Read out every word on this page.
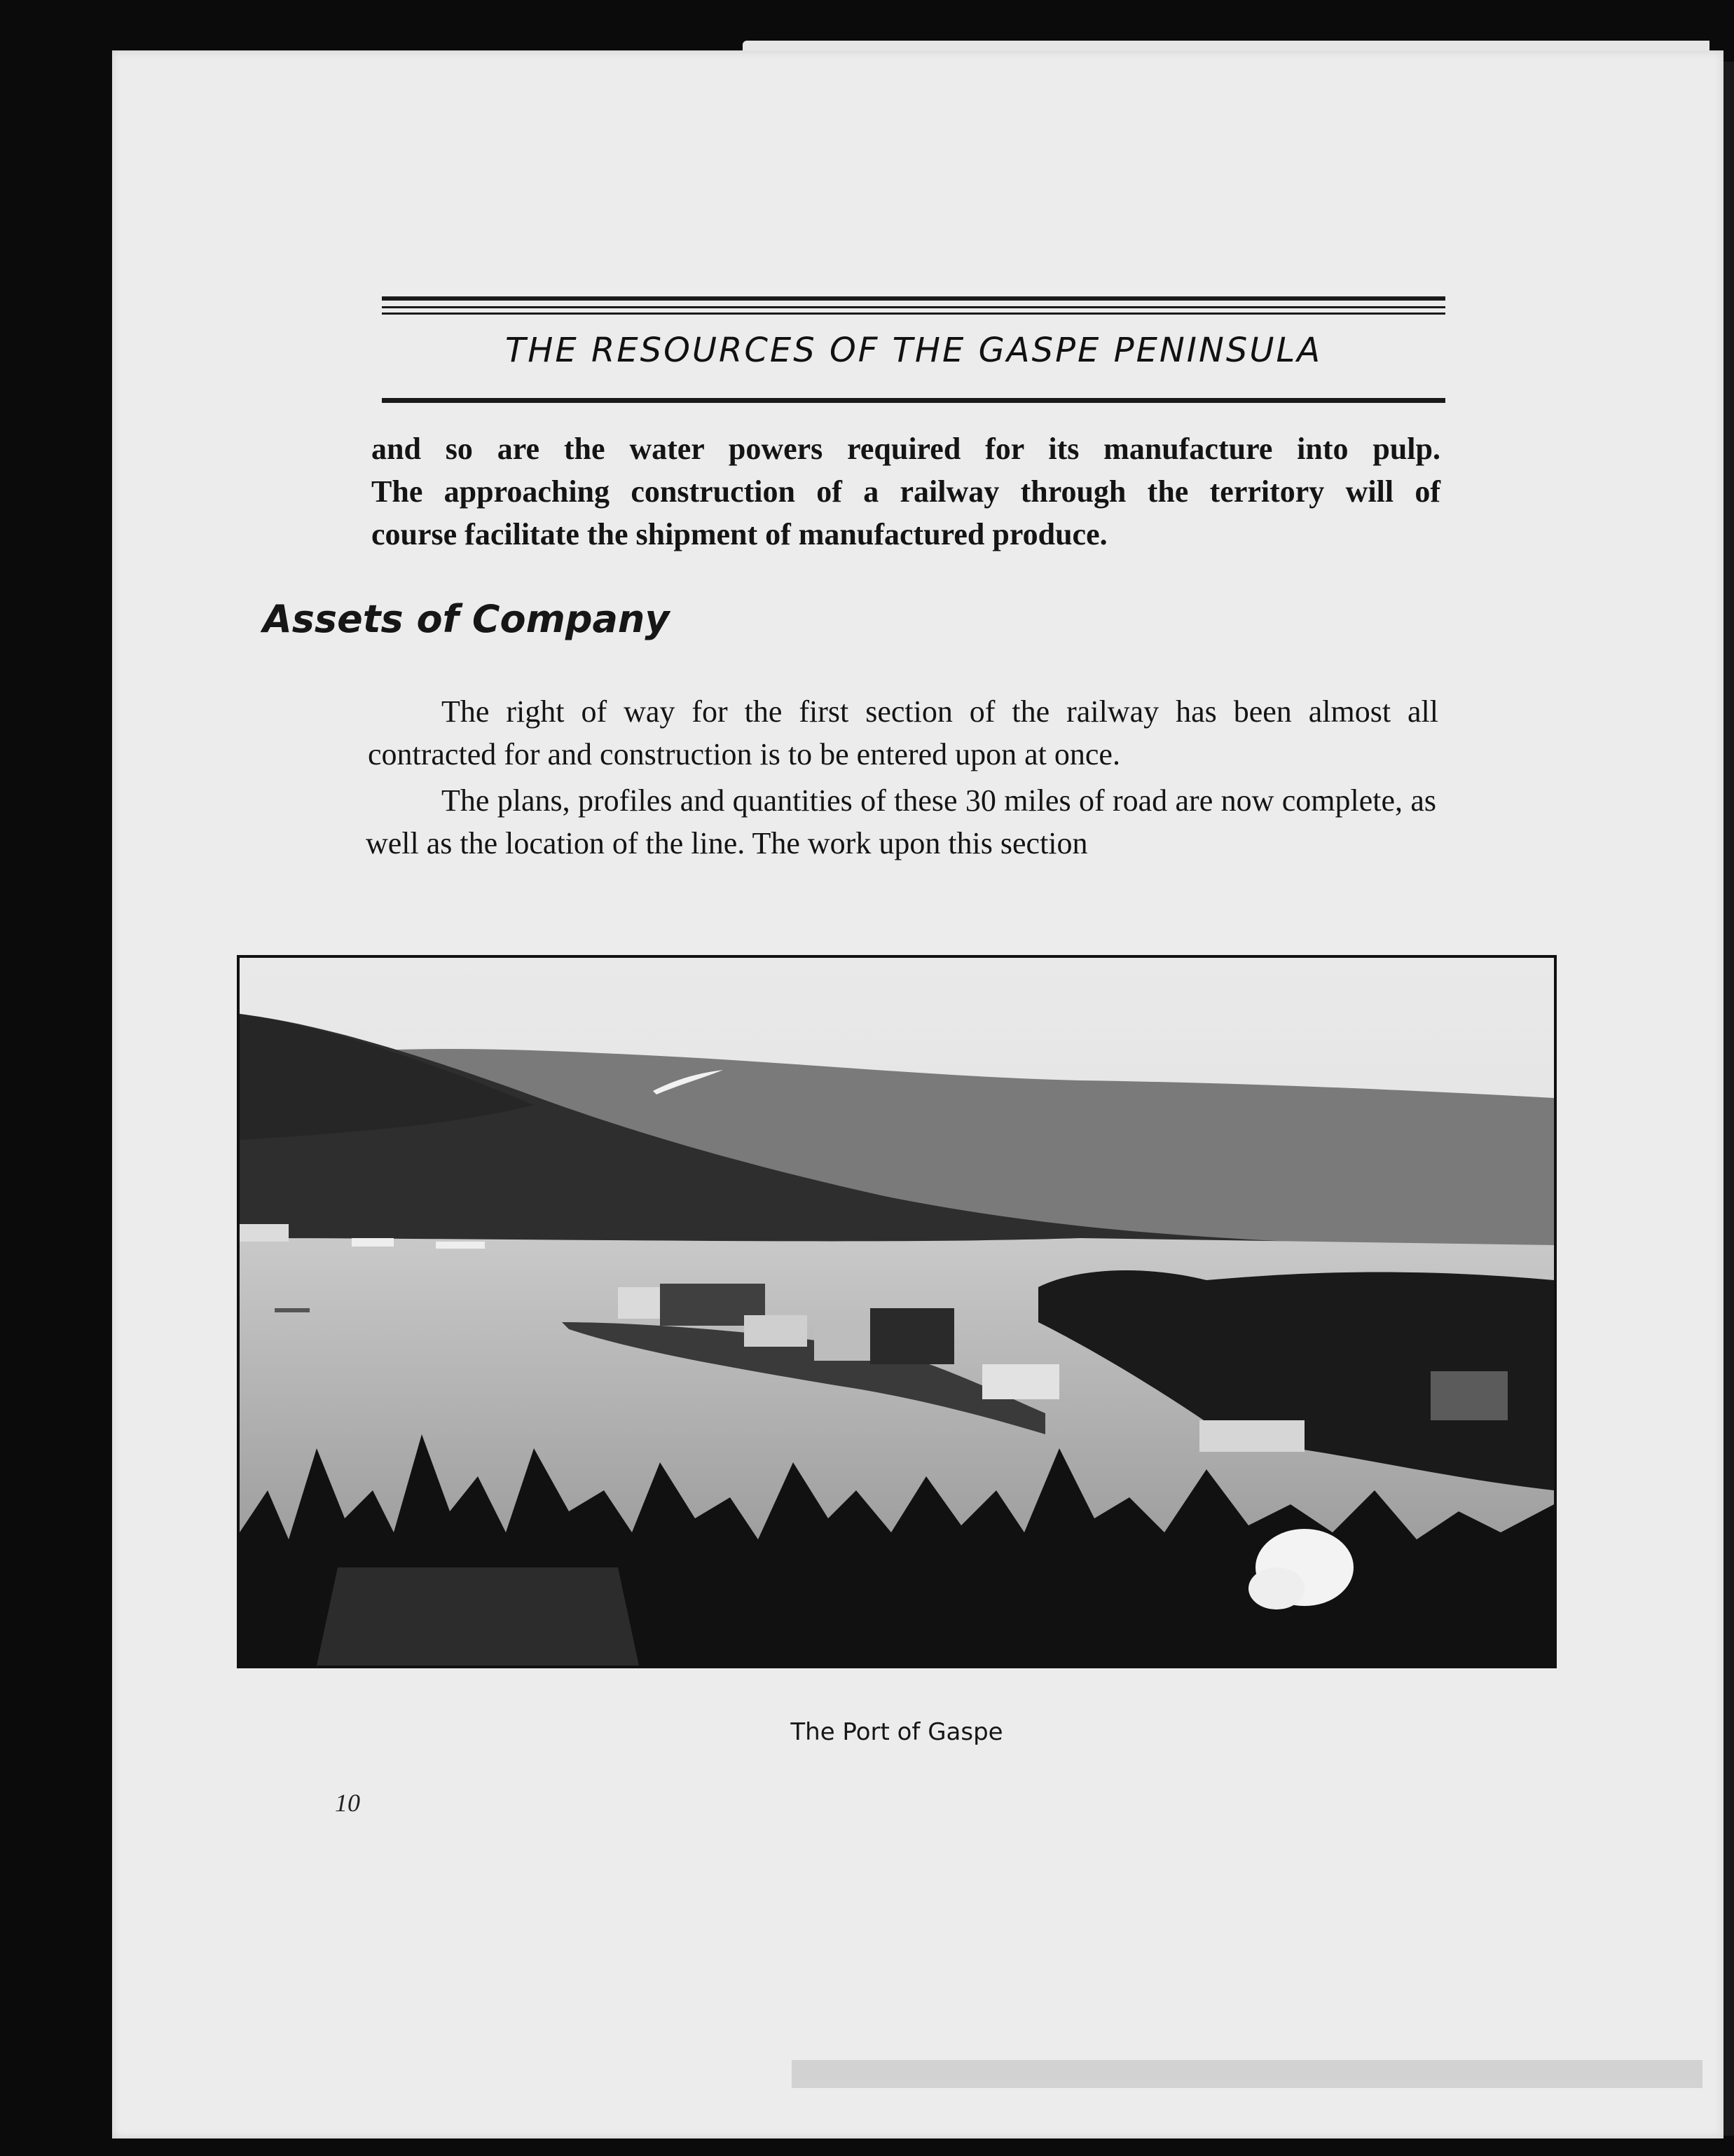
THE RESOURCES OF THE GASPE PENINSULA
and so are the water powers required for its manufacture into pulp.
The approaching construction of a railway through the territory will of
course facilitate the shipment of manufactured produce.
Assets of Company
The right of way for the first section of the railway has been almost all contracted for and construction is to be entered upon at once.
The plans, profiles and quantities of these 30 miles of road are now complete, as well as the location of the line. The work upon this section
The Port of Gaspe
10
